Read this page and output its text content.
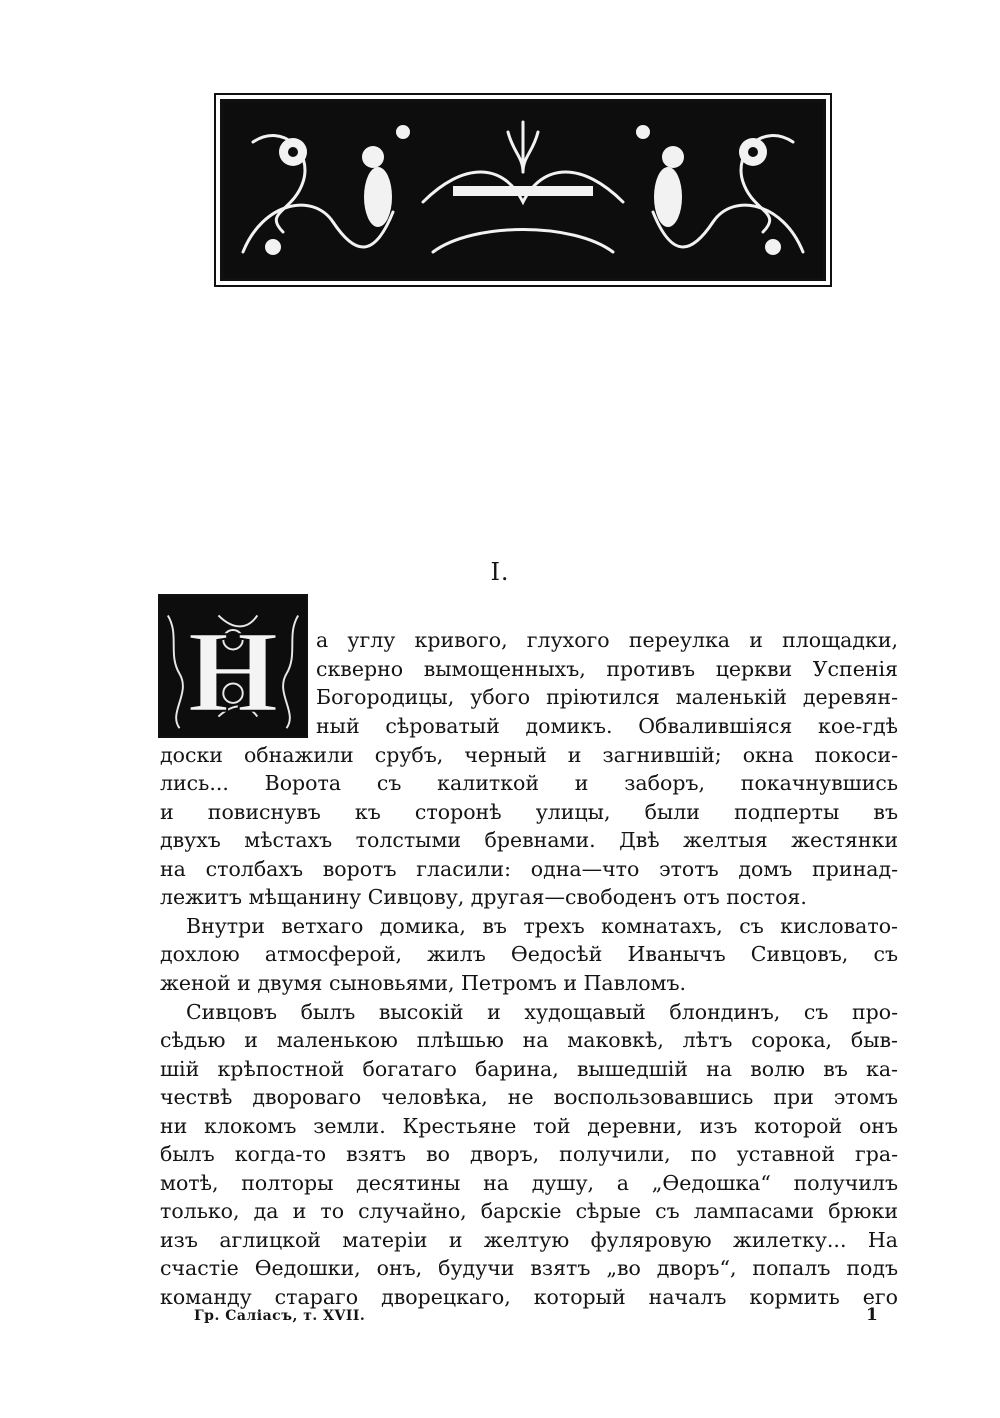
I.
Н а углу кривого, глухого переулка и площадки,
скверно вымощенныхъ, противъ церкви Успенія
Богородицы, убого пріютился маленькій деревян-
ный сѣроватый домикъ. Обвалившіяся кое-гдѣ
доски обнажили срубъ, черный и загнившій; окна покоси-
лись... Ворота съ калиткой и заборъ, покачнувшись
и повиснувъ къ сторонѣ улицы, были подперты въ
двухъ мѣстахъ толстыми бревнами. Двѣ желтыя жестянки
на столбахъ воротъ гласили: одна—что этотъ домъ принад-
лежитъ мѣщанину Сивцову, другая—свободенъ отъ постоя.
Внутри ветхаго домика, въ трехъ комнатахъ, съ кисловато-
дохлою атмосферой, жилъ Ѳедосѣй Иванычъ Сивцовъ, съ
женой и двумя сыновьями, Петромъ и Павломъ.
Сивцовъ былъ высокій и худощавый блондинъ, съ про-
сѣдью и маленькою плѣшью на маковкѣ, лѣтъ сорока, быв-
шій крѣпостной богатаго барина, вышедшій на волю въ ка-
чествѣ двороваго человѣка, не воспользовавшись при этомъ
ни клокомъ земли. Крестьяне той деревни, изъ которой онъ
былъ когда-то взятъ во дворъ, получили, по уставной гра-
мотѣ, полторы десятины на душу, а „Ѳедошка“ получилъ
только, да и то случайно, барскіе сѣрые съ лампасами брюки
изъ аглицкой матеріи и желтую фуляровую жилетку... На
счастіе Ѳедошки, онъ, будучи взятъ „во дворъ“, попалъ подъ
команду стараго дворецкаго, который началъ кормить его
Гр. Саліасъ, т. XVII.	1
